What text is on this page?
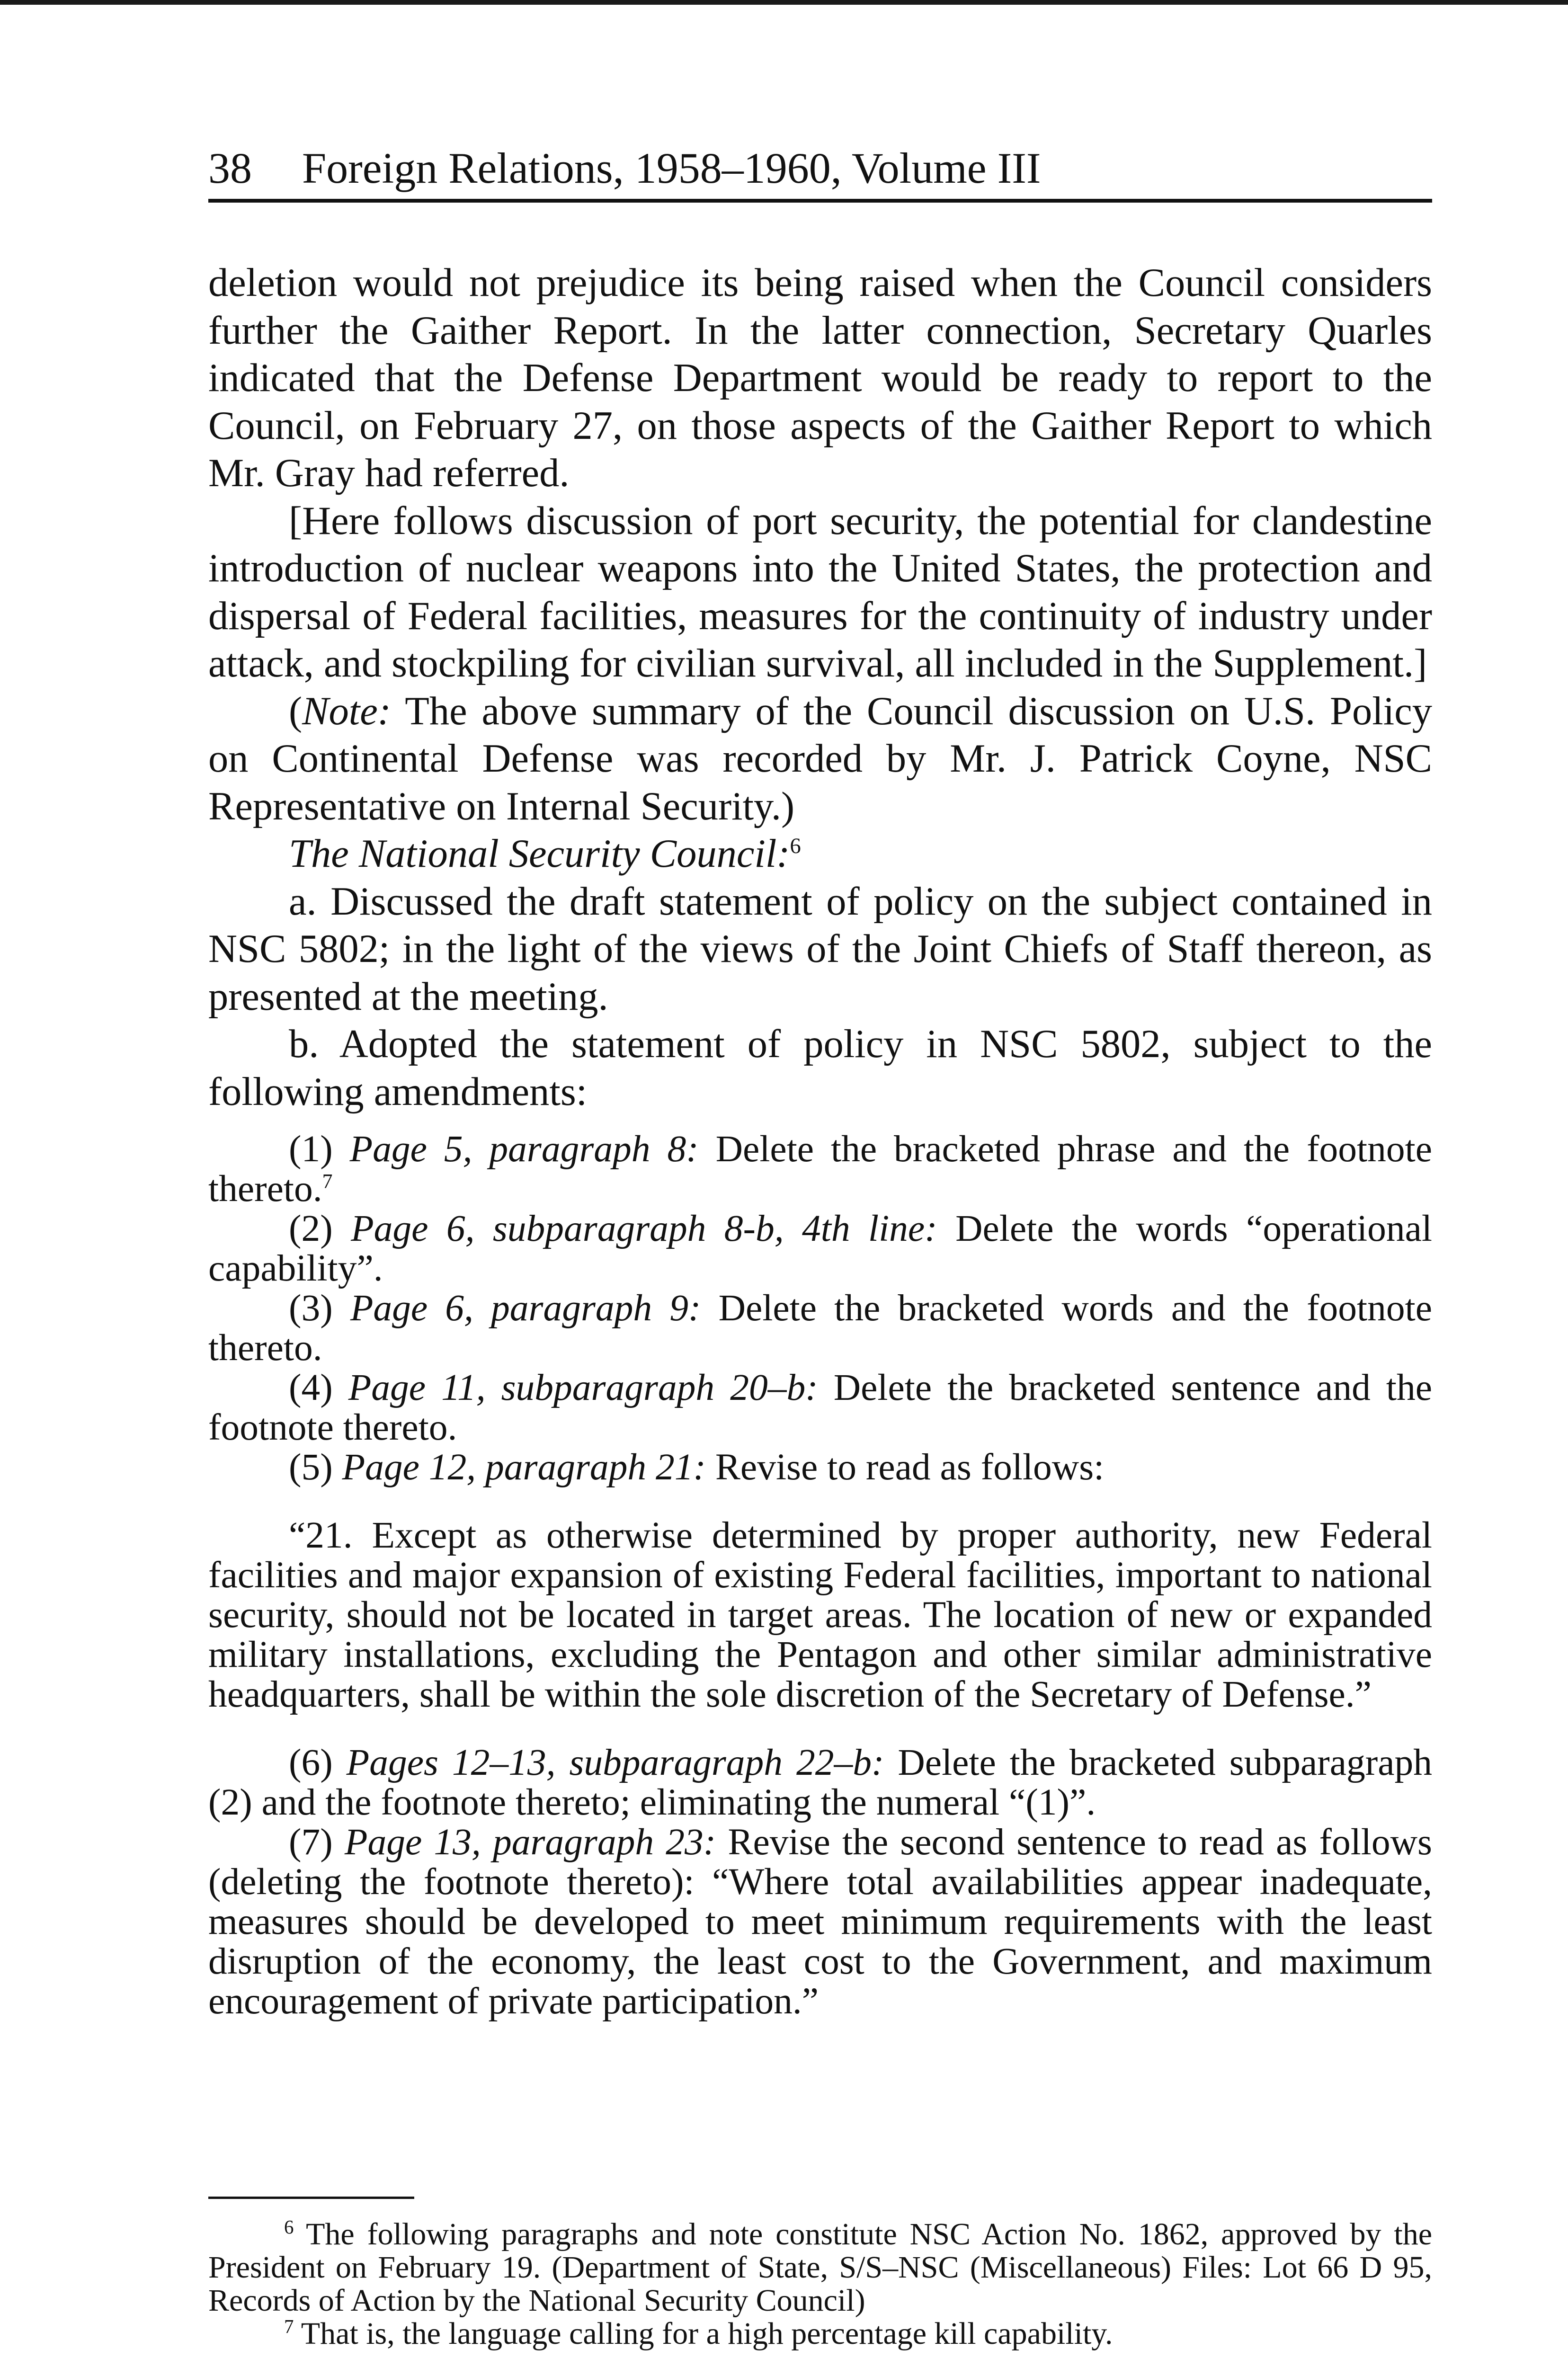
38 Foreign Relations, 1958–1960, Volume III

deletion would not prejudice its being raised when the Council considers further the Gaither Report. In the latter connection, Secretary Quarles indicated that the Defense Department would be ready to report to the Council, on February 27, on those aspects of the Gaither Report to which Mr. Gray had referred.

[Here follows discussion of port security, the potential for clandestine introduction of nuclear weapons into the United States, the protection and dispersal of Federal facilities, measures for the continuity of industry under attack, and stockpiling for civilian survival, all included in the Supplement.]

(Note: The above summary of the Council discussion on U.S. Policy on Continental Defense was recorded by Mr. J. Patrick Coyne, NSC Representative on Internal Security.)

The National Security Council:$^6$

a. Discussed the draft statement of policy on the subject contained in NSC 5802; in the light of the views of the Joint Chiefs of Staff thereon, as presented at the meeting.

b. Adopted the statement of policy in NSC 5802, subject to the following amendments:

(1) Page 5, paragraph 8: Delete the bracketed phrase and the footnote thereto.$^7$

(2) Page 6, subparagraph 8-b, 4th line: Delete the words “operational capability”.

(3) Page 6, paragraph 9: Delete the bracketed words and the footnote thereto.

(4) Page 11, subparagraph 20–b: Delete the bracketed sentence and the footnote thereto.

(5) Page 12, paragraph 21: Revise to read as follows:

“21. Except as otherwise determined by proper authority, new Federal facilities and major expansion of existing Federal facilities, important to national security, should not be located in target areas. The location of new or expanded military installations, excluding the Pentagon and other similar administrative headquarters, shall be within the sole discretion of the Secretary of Defense.”

(6) Pages 12–13, subparagraph 22–b: Delete the bracketed subparagraph (2) and the footnote thereto; eliminating the numeral “(1)”.

(7) Page 13, paragraph 23: Revise the second sentence to read as follows (deleting the footnote thereto): “Where total availabilities appear inadequate, measures should be developed to meet minimum requirements with the least disruption of the economy, the least cost to the Government, and maximum encouragement of private participation.”

$^6$ The following paragraphs and note constitute NSC Action No. 1862, approved by the President on February 19. (Department of State, S/S–NSC (Miscellaneous) Files: Lot 66 D 95, Records of Action by the National Security Council)

$^7$ That is, the language calling for a high percentage kill capability.
